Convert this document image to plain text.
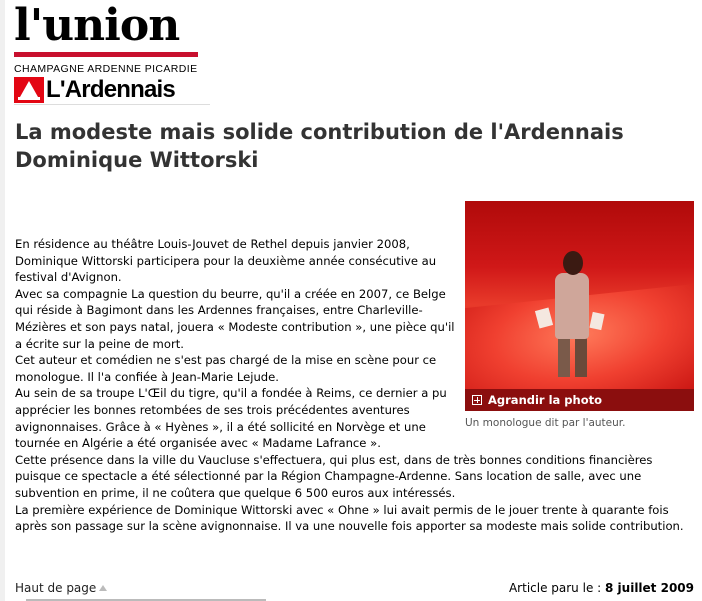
l'union
CHAMPAGNE ARDENNE PICARDIE
L'Ardennais
La modeste mais solide contribution de l'Ardennais Dominique Wittorski
Agrandir la photo
Un monologue dit par l'auteur.

En résidence au théâtre Louis-Jouvet de Rethel depuis janvier 2008, Dominique Wittorski participera pour la deuxième année consécutive au festival d'Avignon.

Avec sa compagnie La question du beurre, qu'il a créée en 2007, ce Belge qui réside à Bagimont dans les Ardennes françaises, entre Charleville-Mézières et son pays natal, jouera « Modeste contribution », une pièce qu'il a écrite sur la peine de mort.

Cet auteur et comédien ne s'est pas chargé de la mise en scène pour ce monologue. Il l'a confiée à Jean-Marie Lejude.

Au sein de sa troupe L'Œil du tigre, qu'il a fondée à Reims, ce dernier a pu apprécier les bonnes retombées de ses trois précédentes aventures avignonnaises. Grâce à « Hyènes », il a été sollicité en Norvège et une tournée en Algérie a été organisée avec « Madame Lafrance ».

Cette présence dans la ville du Vaucluse s'effectuera, qui plus est, dans de très bonnes conditions financières puisque ce spectacle a été sélectionné par la Région Champagne-Ardenne. Sans location de salle, avec une subvention en prime, il ne coûtera que quelque 6 500 euros aux intéressés.

La première expérience de Dominique Wittorski avec « Ohne » lui avait permis de le jouer trente à quarante fois après son passage sur la scène avignonnaise. Il va une nouvelle fois apporter sa modeste mais solide contribution.

Haut de page	Article paru le : 8 juillet 2009
